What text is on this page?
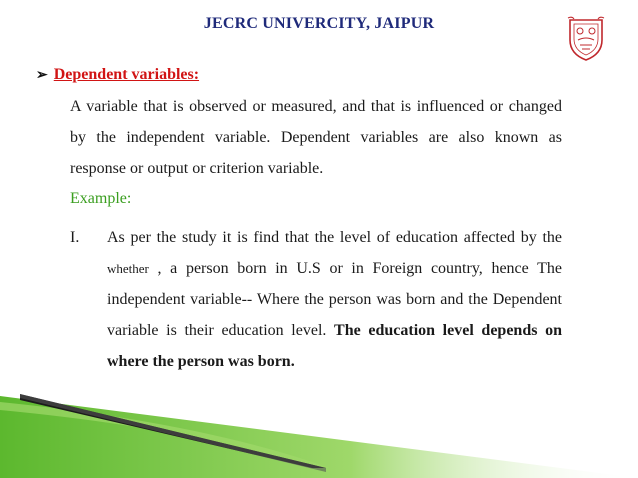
JECRC UNIVERCITY, JAIPUR
➢ Dependent variables:
A variable that is observed or measured, and that is influenced or changed by the independent variable. Dependent variables are also known as response or output or criterion variable.
Example:
I. As per the study it is find that the level of education affected by the whether , a person born in U.S or in Foreign country, hence The independent variable-- Where the person was born and the Dependent variable is their education level. The education level depends on where the person was born.
